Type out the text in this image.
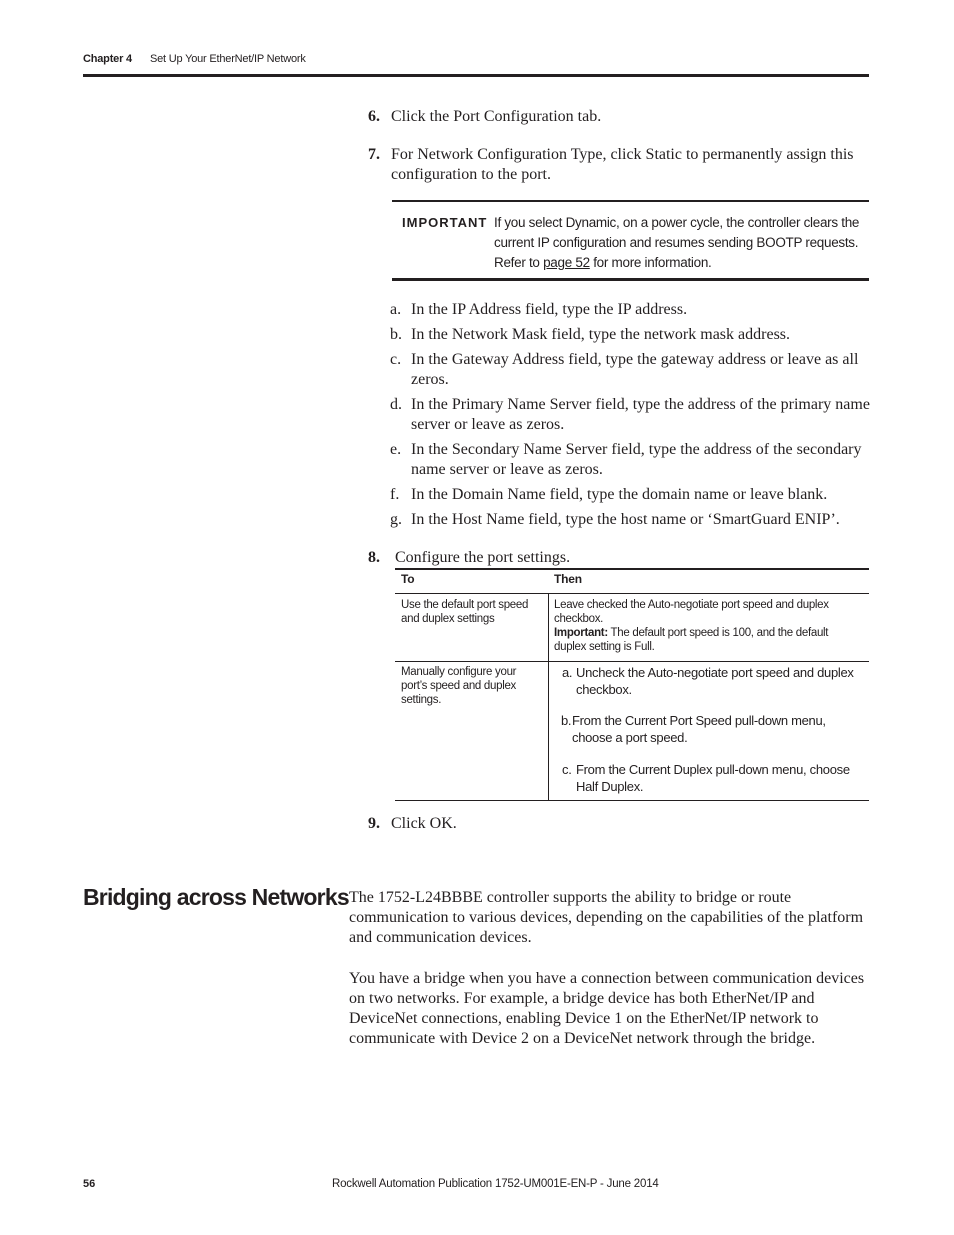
Chapter 4 Set Up Your EtherNet/IP Network
6. Click the Port Configuration tab.
7. For Network Configuration Type, click Static to permanently assign this configuration to the port.
IMPORTANT If you select Dynamic, on a power cycle, the controller clears the current IP configuration and resumes sending BOOTP requests. Refer to page 52 for more information.
a. In the IP Address field, type the IP address.
b. In the Network Mask field, type the network mask address.
c. In the Gateway Address field, type the gateway address or leave as all zeros.
d. In the Primary Name Server field, type the address of the primary name server or leave as zeros.
e. In the Secondary Name Server field, type the address of the secondary name server or leave as zeros.
f. In the Domain Name field, type the domain name or leave blank.
g. In the Host Name field, type the host name or ‘SmartGuard ENIP’.
8. Configure the port settings.
To	Then
Use the default port speed and duplex settings
Leave checked the Auto-negotiate port speed and duplex checkbox.
Important: The default port speed is 100, and the default duplex setting is Full.
Manually configure your port’s speed and duplex settings.
a. Uncheck the Auto-negotiate port speed and duplex checkbox.
b. From the Current Port Speed pull-down menu, choose a port speed.
c. From the Current Duplex pull-down menu, choose Half Duplex.
9. Click OK.
Bridging across Networks The 1752-L24BBBE controller supports the ability to bridge or route communication to various devices, depending on the capabilities of the platform and communication devices.
You have a bridge when you have a connection between communication devices on two networks. For example, a bridge device has both EtherNet/IP and DeviceNet connections, enabling Device 1 on the EtherNet/IP network to communicate with Device 2 on a DeviceNet network through the bridge.
56	Rockwell Automation Publication 1752-UM001E-EN-P - June 2014
